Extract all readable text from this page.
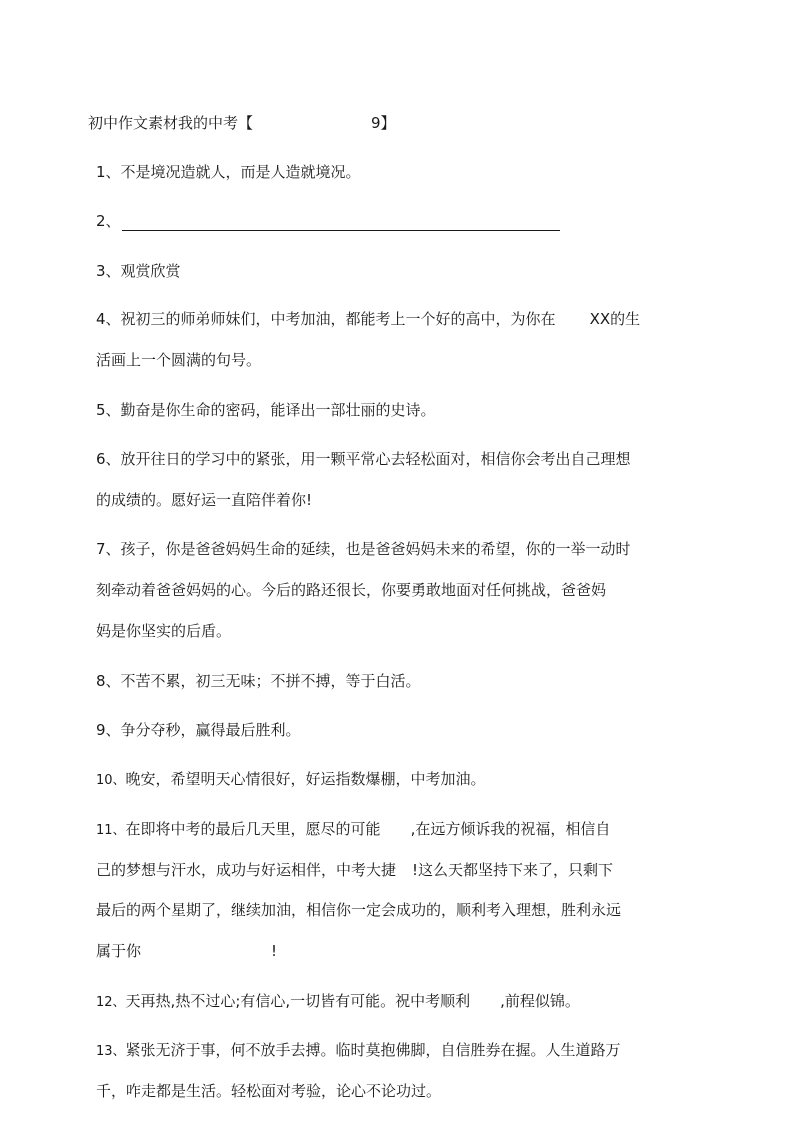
初中作文素材我的中考【	9】
1、不是境况造就人，而是人造就境况。
2、
3、观赏欣赏
4、祝初三的师弟师妹们，中考加油，都能考上一个好的高中，为你在 XX的生
活画上一个圆满的句号。
5、勤奋是你生命的密码，能译出一部壮丽的史诗。
6、放开往日的学习中的紧张，用一颗平常心去轻松面对，相信你会考出自己理想
的成绩的。愿好运一直陪伴着你!
7、孩子，你是爸爸妈妈生命的延续，也是爸爸妈妈未来的希望，你的一举一动时
刻牵动着爸爸妈妈的心。今后的路还很长，你要勇敢地面对任何挑战，爸爸妈
妈是你坚实的后盾。
8、不苦不累，初三无味；不拼不搏，等于白活。
9、争分夺秒，赢得最后胜利。
10、晚安，希望明天心情很好，好运指数爆棚，中考加油。
11、在即将中考的最后几天里，愿尽的可能 ,在远方倾诉我的祝福，相信自
己的梦想与汗水，成功与好运相伴，中考大捷 !这么天都坚持下来了，只剩下
最后的两个星期了，继续加油，相信你一定会成功的，顺利考入理想，胜利永远
属于你	!
12、天再热,热不过心;有信心,一切皆有可能。祝中考顺利 ,前程似锦。
13、紧张无济于事，何不放手去搏。临时莫抱佛脚，自信胜券在握。人生道路万
千，咋走都是生活。轻松面对考验，论心不论功过。
